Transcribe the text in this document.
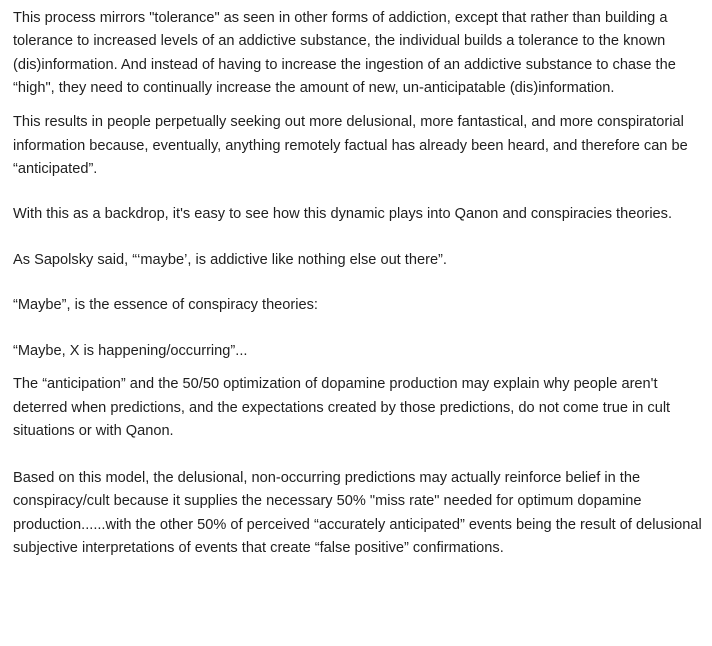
This process mirrors "tolerance" as seen in other forms of addiction, except that rather than building a tolerance to increased levels of an addictive substance, the individual builds a tolerance to the known (dis)information. And instead of having to increase the ingestion of an addictive substance to chase the “high", they need to continually increase the amount of new, un-anticipatable (dis)information.

This results in people perpetually seeking out more delusional, more fantastical, and more conspiratorial information because, eventually, anything remotely factual has already been heard, and therefore can be “anticipated”.

With this as a backdrop, it's easy to see how this dynamic plays into Qanon and conspiracies theories.

As Sapolsky said, “‘maybe’, is addictive like nothing else out there”.

“Maybe”, is the essence of conspiracy theories:

“Maybe, X is happening/occurring”...

The “anticipation” and the 50/50 optimization of dopamine production may explain why people aren't deterred when predictions, and the expectations created by those predictions, do not come true in cult situations or with Qanon.

Based on this model, the delusional, non-occurring predictions may actually reinforce belief in the conspiracy/cult because it supplies the necessary 50% "miss rate" needed for optimum dopamine production......with the other 50% of perceived “accurately anticipated” events being the result of delusional subjective interpretations of events that create “false positive” confirmations.
